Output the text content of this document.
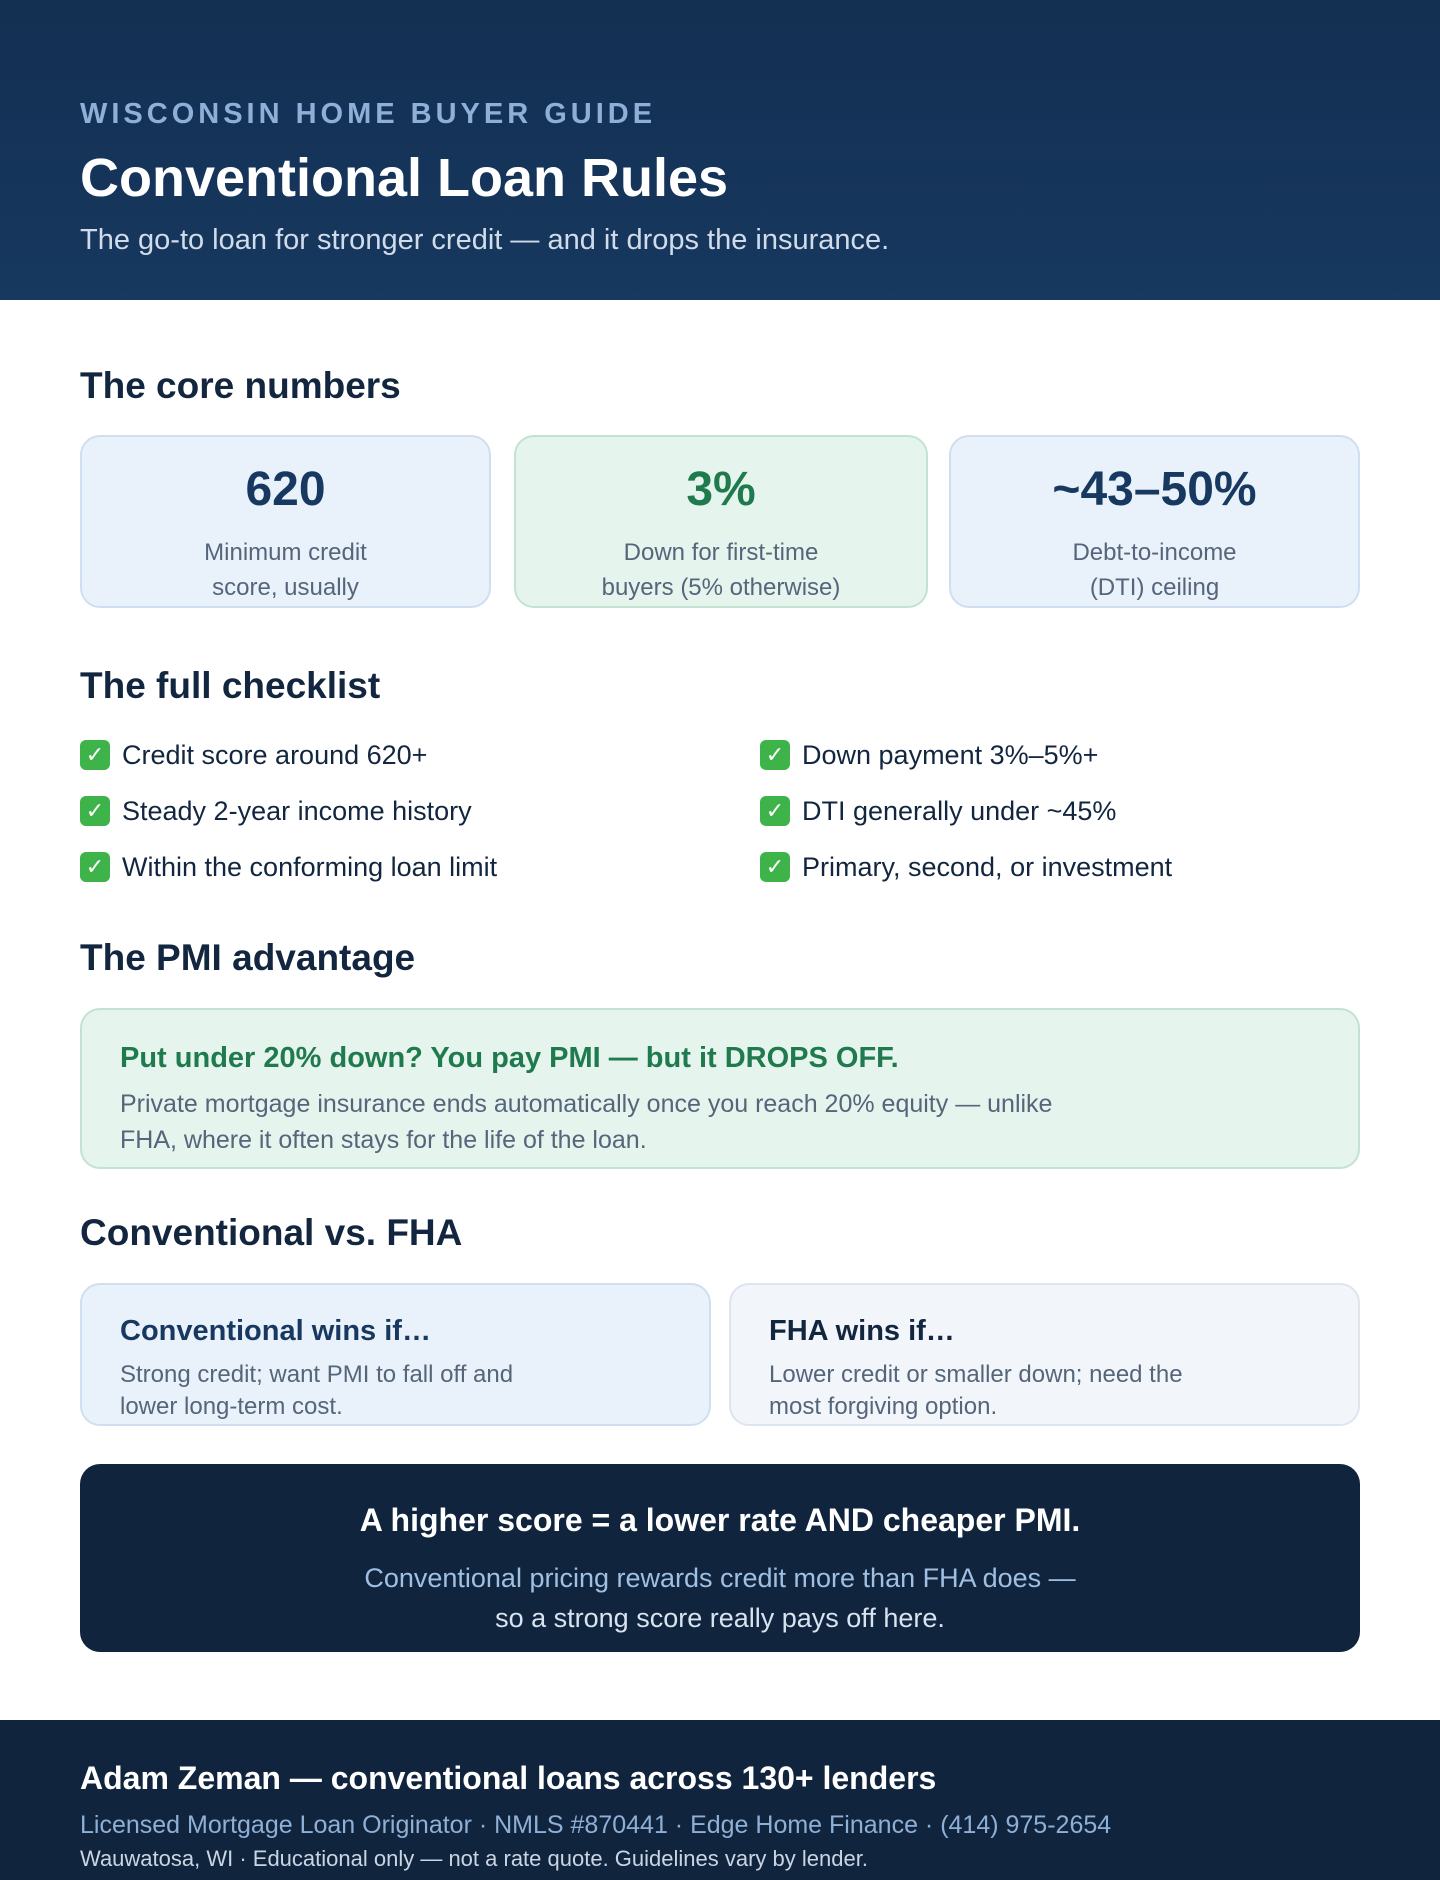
WISCONSIN HOME BUYER GUIDE
Conventional Loan Rules
The go-to loan for stronger credit — and it drops the insurance.
The core numbers
620
Minimum credit score, usually
3%
Down for first-time buyers (5% otherwise)
~43–50%
Debt-to-income (DTI) ceiling
The full checklist
✓ Credit score around 620+
✓ Steady 2-year income history
✓ Within the conforming loan limit
✓ Down payment 3%–5%+
✓ DTI generally under ~45%
✓ Primary, second, or investment
The PMI advantage
Put under 20% down? You pay PMI — but it DROPS OFF.
Private mortgage insurance ends automatically once you reach 20% equity — unlike FHA, where it often stays for the life of the loan.
Conventional vs. FHA
Conventional wins if…
Strong credit; want PMI to fall off and lower long-term cost.
FHA wins if…
Lower credit or smaller down; need the most forgiving option.
A higher score = a lower rate AND cheaper PMI.
Conventional pricing rewards credit more than FHA does —
so a strong score really pays off here.
Adam Zeman — conventional loans across 130+ lenders
Licensed Mortgage Loan Originator · NMLS #870441 · Edge Home Finance · (414) 975-2654
Wauwatosa, WI · Educational only — not a rate quote. Guidelines vary by lender.
